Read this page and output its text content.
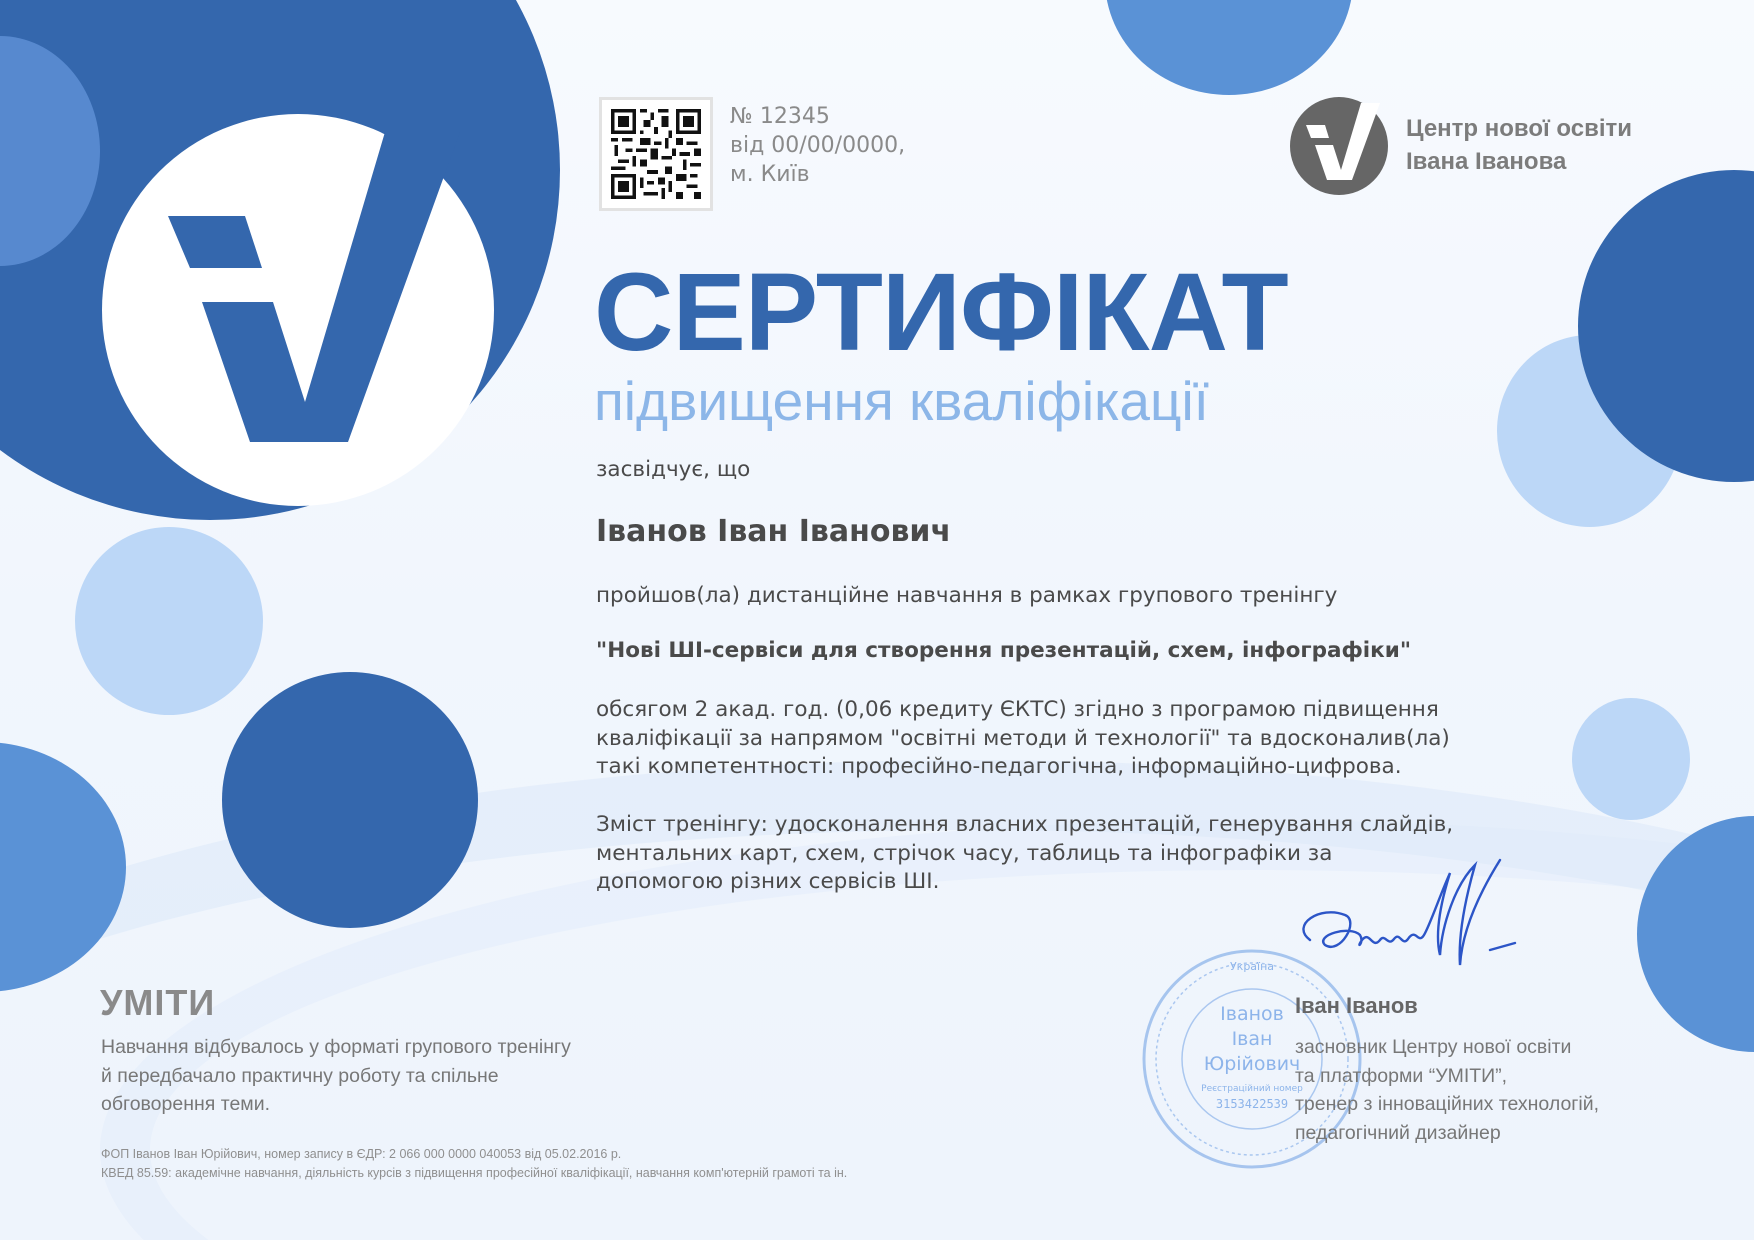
№ 12345
від 00/00/0000,
м. Київ
Центр нової освіти
Івана Іванова
СЕРТИФІКАТ
підвищення кваліфікації
засвідчує, що
Іванов Іван Іванович
пройшов(ла) дистанційне навчання в рамках групового тренінгу
"Нові ШІ-сервіси для створення презентацій, схем, інфографіки"
обсягом 2 акад. год. (0,06 кредиту ЄКТС) згідно з програмою підвищення
кваліфікації за напрямом "освітні методи й технології" та вдосконалив(ла)
такі компетентності: професійно-педагогічна, інформаційно-цифрова.
Зміст тренінгу: удосконалення власних презентацій, генерування слайдів,
ментальних карт, схем, стрічок часу, таблиць та інфографіки за
допомогою різних сервісів ШІ.
УМІТИ
Навчання відбувалось у форматі групового тренінгу
й передбачало практичну роботу та спільне
обговорення теми.
ФОП Іванов Іван Юрійович, номер запису в ЄДР: 2 066 000 0000 040053 від 05.02.2016 р.
КВЕД 85.59: академічне навчання, діяльність курсів з підвищення професійної кваліфікації, навчання комп'ютерній грамоті та ін.
Україна
Іванов
Іван
Юрійович
Реєстраційний номер
3153422539
Іван Іванов
засновник Центру нової освіти
та платформи “УМІТИ”,
тренер з інноваційних технологій,
педагогічний дизайнер
